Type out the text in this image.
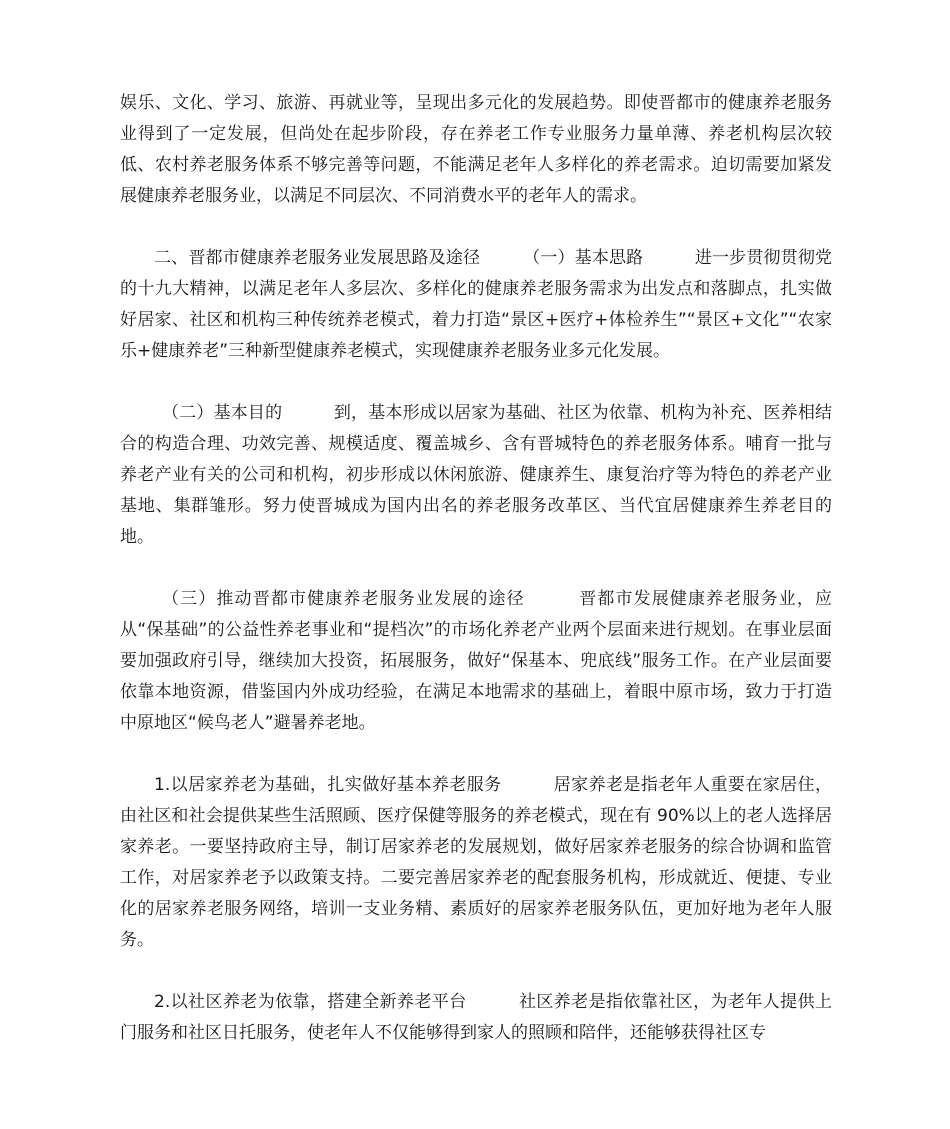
娱乐、文化、学习、旅游、再就业等，呈现出多元化的发展趋势。即使晋都市的健康养老服务业得到了一定发展，但尚处在起步阶段，存在养老工作专业服务力量单薄、养老机构层次较低、农村养老服务体系不够完善等问题，不能满足老年人多样化的养老需求。迫切需要加紧发展健康养老服务业，以满足不同层次、不同消费水平的老年人的需求。

二、晋都市健康养老服务业发展思路及途径　　　（一）基本思路　　　进一步贯彻贯彻党的十九大精神，以满足老年人多层次、多样化的健康养老服务需求为出发点和落脚点，扎实做好居家、社区和机构三种传统养老模式，着力打造“景区+医疗+体检养生”“景区+文化”“农家乐+健康养老”三种新型健康养老模式，实现健康养老服务业多元化发展。

（二）基本目的　　　到，基本形成以居家为基础、社区为依靠、机构为补充、医养相结合的构造合理、功效完善、规模适度、覆盖城乡、含有晋城特色的养老服务体系。哺育一批与养老产业有关的公司和机构，初步形成以休闲旅游、健康养生、康复治疗等为特色的养老产业基地、集群雏形。努力使晋城成为国内出名的养老服务改革区、当代宜居健康养生养老目的地。

（三）推动晋都市健康养老服务业发展的途径　　　晋都市发展健康养老服务业，应从“保基础”的公益性养老事业和“提档次”的市场化养老产业两个层面来进行规划。在事业层面要加强政府引导，继续加大投资，拓展服务，做好“保基本、兜底线”服务工作。在产业层面要依靠本地资源，借鉴国内外成功经验，在满足本地需求的基础上，着眼中原市场，致力于打造中原地区“候鸟老人”避暑养老地。

1.以居家养老为基础，扎实做好基本养老服务　　　居家养老是指老年人重要在家居住，由社区和社会提供某些生活照顾、医疗保健等服务的养老模式，现在有 90%以上的老人选择居家养老。一要坚持政府主导，制订居家养老的发展规划，做好居家养老服务的综合协调和监管工作，对居家养老予以政策支持。二要完善居家养老的配套服务机构，形成就近、便捷、专业化的居家养老服务网络，培训一支业务精、素质好的居家养老服务队伍，更加好地为老年人服务。

2.以社区养老为依靠，搭建全新养老平台　　　社区养老是指依靠社区，为老年人提供上门服务和社区日托服务，使老年人不仅能够得到家人的照顾和陪伴，还能够获得社区专
